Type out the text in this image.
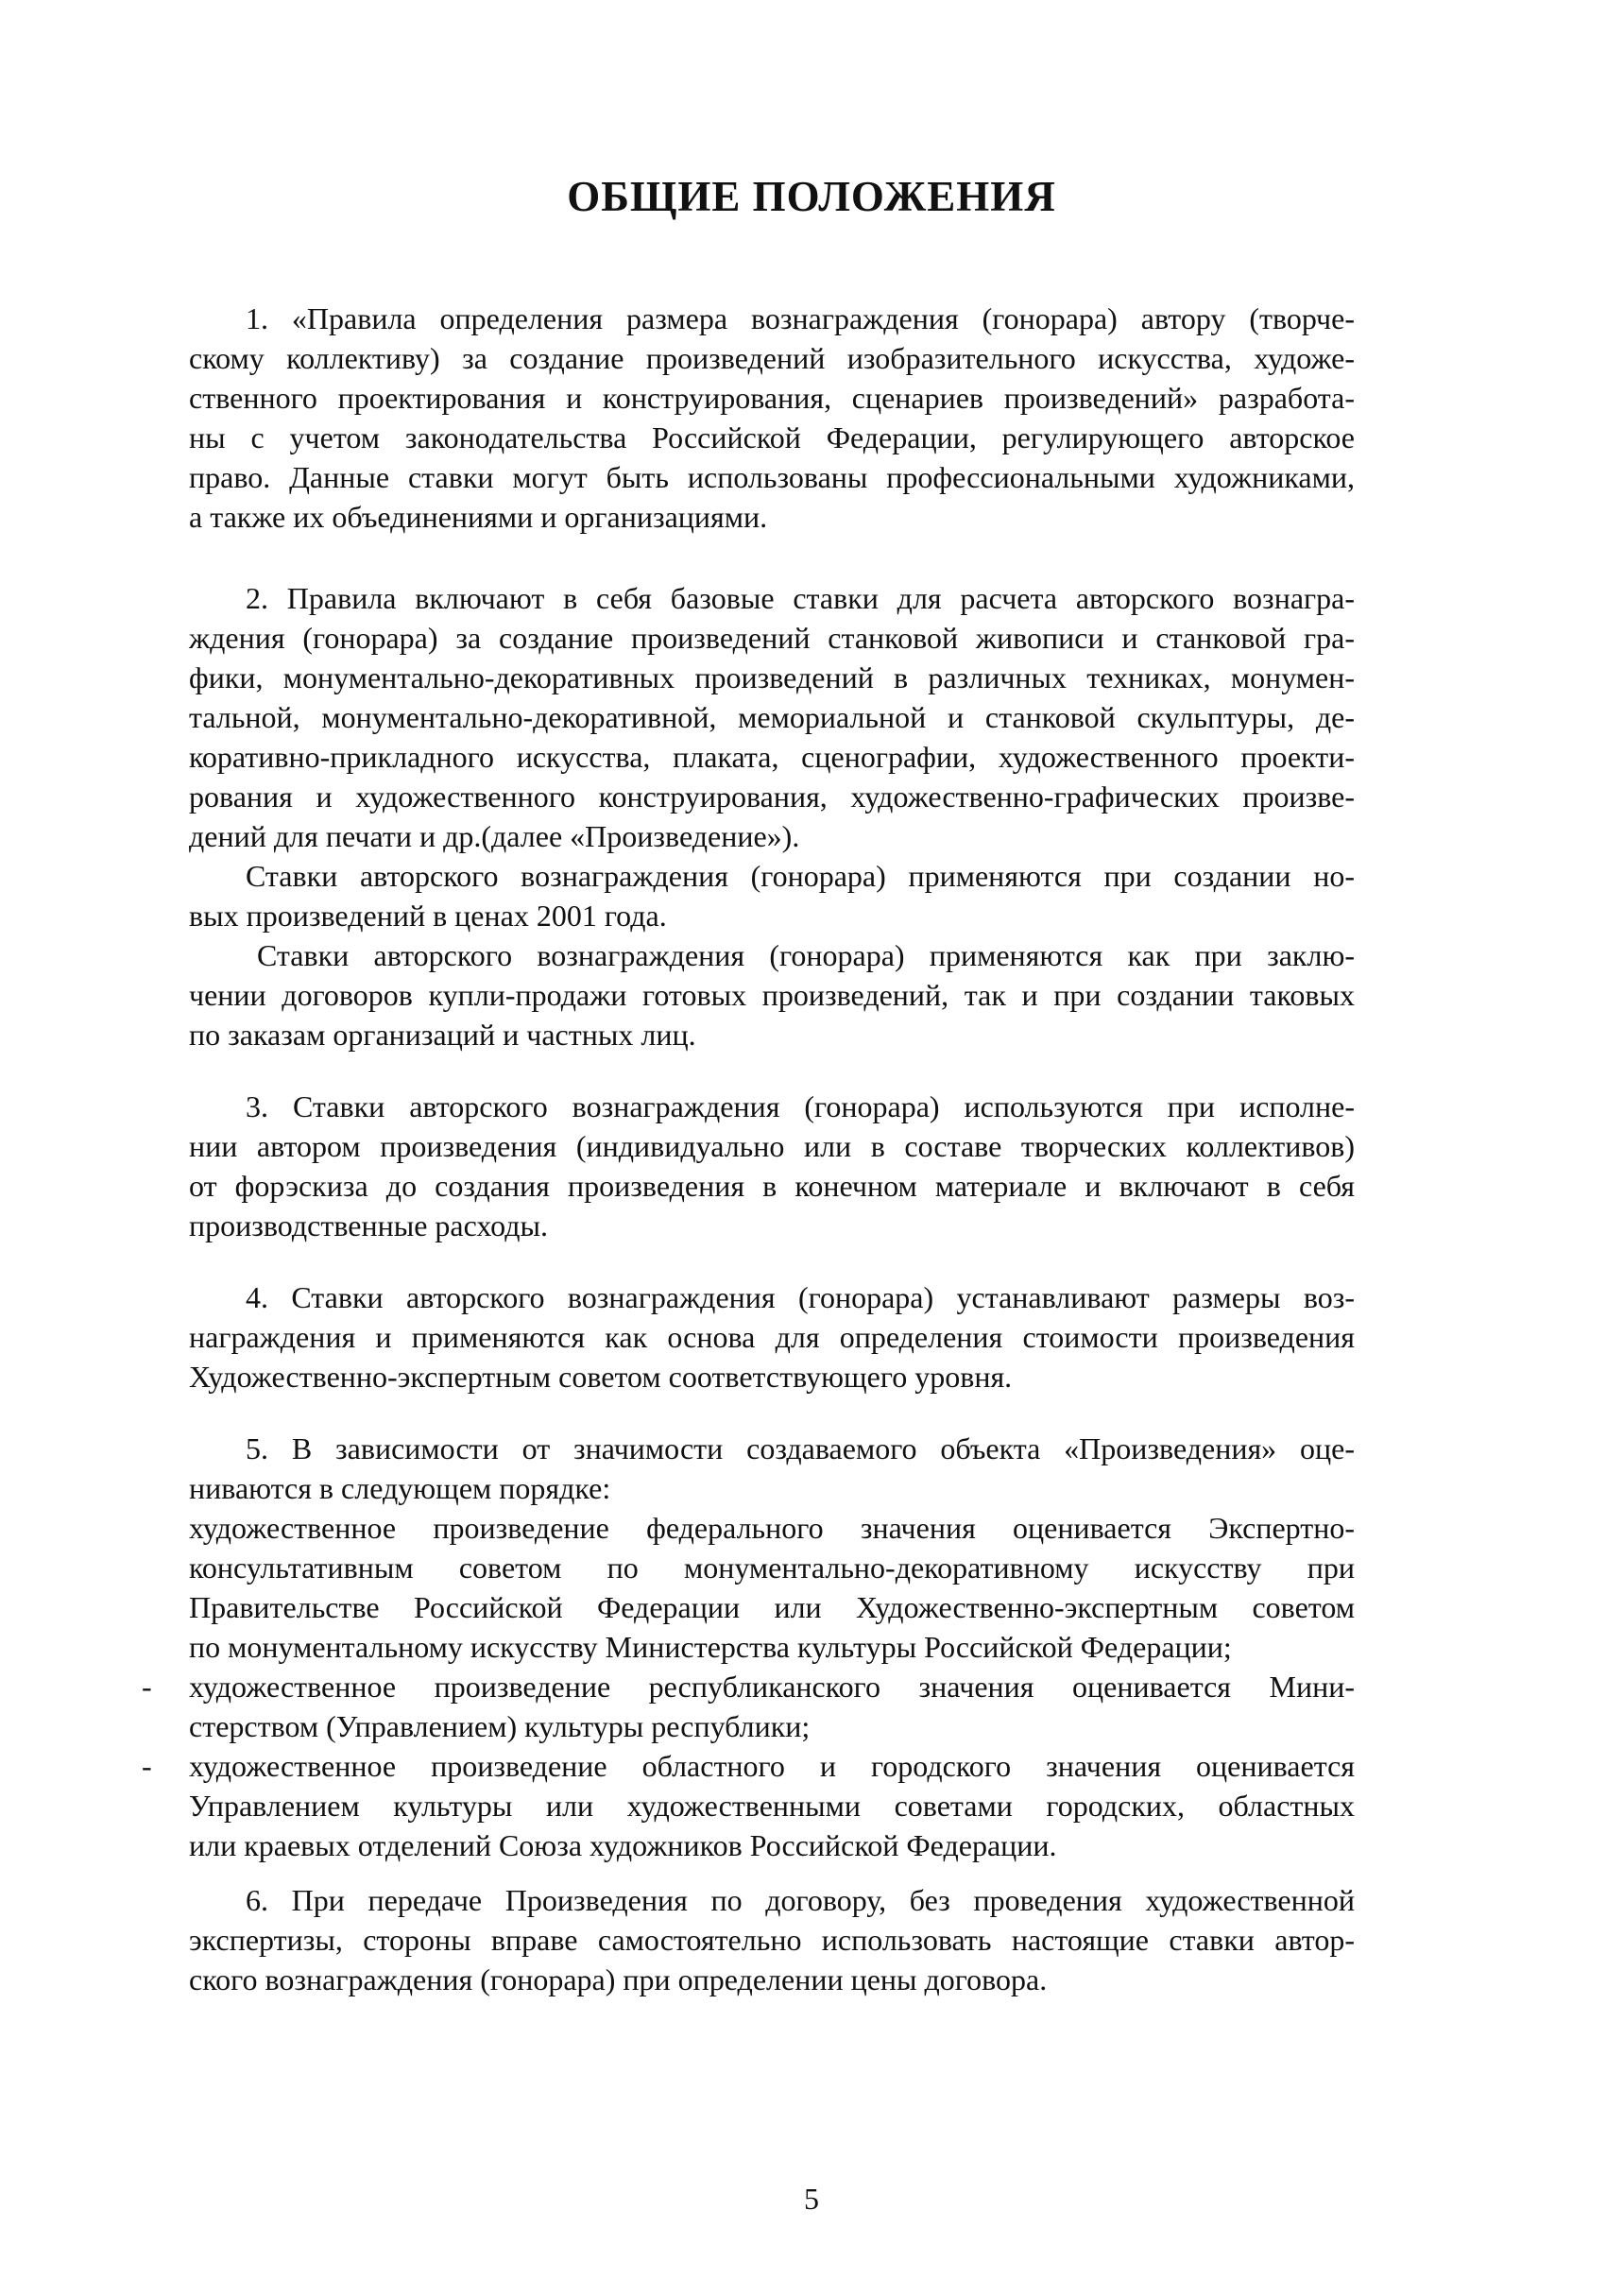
ОБЩИЕ ПОЛОЖЕНИЯ
1. «Правила определения размера вознаграждения (гонорара) автору (творче-
скому коллективу) за создание произведений изобразительного искусства, художе-
ственного проектирования и конструирования, сценариев произведений» разработа-
ны с учетом законодательства Российской Федерации, регулирующего авторское
право. Данные ставки могут быть использованы профессиональными художниками,
а также их объединениями и организациями.
2. Правила включают в себя базовые ставки для расчета авторского вознагра-
ждения (гонорара) за создание произведений станковой живописи и станковой гра-
фики, монументально-декоративных произведений в различных техниках, монумен-
тальной, монументально-декоративной, мемориальной и станковой скульптуры, де-
коративно-прикладного искусства, плаката, сценографии, художественного проекти-
рования и художественного конструирования, художественно-графических произве-
дений для печати и др.(далее «Произведение»).
Ставки авторского вознаграждения (гонорара) применяются при создании но-
вых произведений в ценах 2001 года.
Ставки авторского вознаграждения (гонорара) применяются как при заклю-
чении договоров купли-продажи готовых произведений, так и при создании таковых
по заказам организаций и частных лиц.
3. Ставки авторского вознаграждения (гонорара) используются при исполне-
нии автором произведения (индивидуально или в составе творческих коллективов)
от форэскиза до создания произведения в конечном материале и включают в себя
производственные расходы.
4. Ставки авторского вознаграждения (гонорара) устанавливают размеры воз-
награждения и применяются как основа для определения стоимости произведения
Художественно-экспертным советом соответствующего уровня.
5. В зависимости от значимости создаваемого объекта «Произведения» оце-
ниваются в следующем порядке:
художественное произведение федерального значения оценивается Экспертно-
консультативным советом по монументально-декоративному искусству при
Правительстве Российской Федерации или Художественно-экспертным советом
по монументальному искусству Министерства культуры Российской Федерации;
-	художественное произведение республиканского значения оценивается Мини-
стерством (Управлением) культуры республики;
-	художественное произведение областного и городского значения оценивается
Управлением культуры или художественными советами городских, областных
или краевых отделений Союза художников Российской Федерации.
6. При передаче Произведения по договору, без проведения художественной
экспертизы, стороны вправе самостоятельно использовать настоящие ставки автор-
ского вознаграждения (гонорара) при определении цены договора.
5
